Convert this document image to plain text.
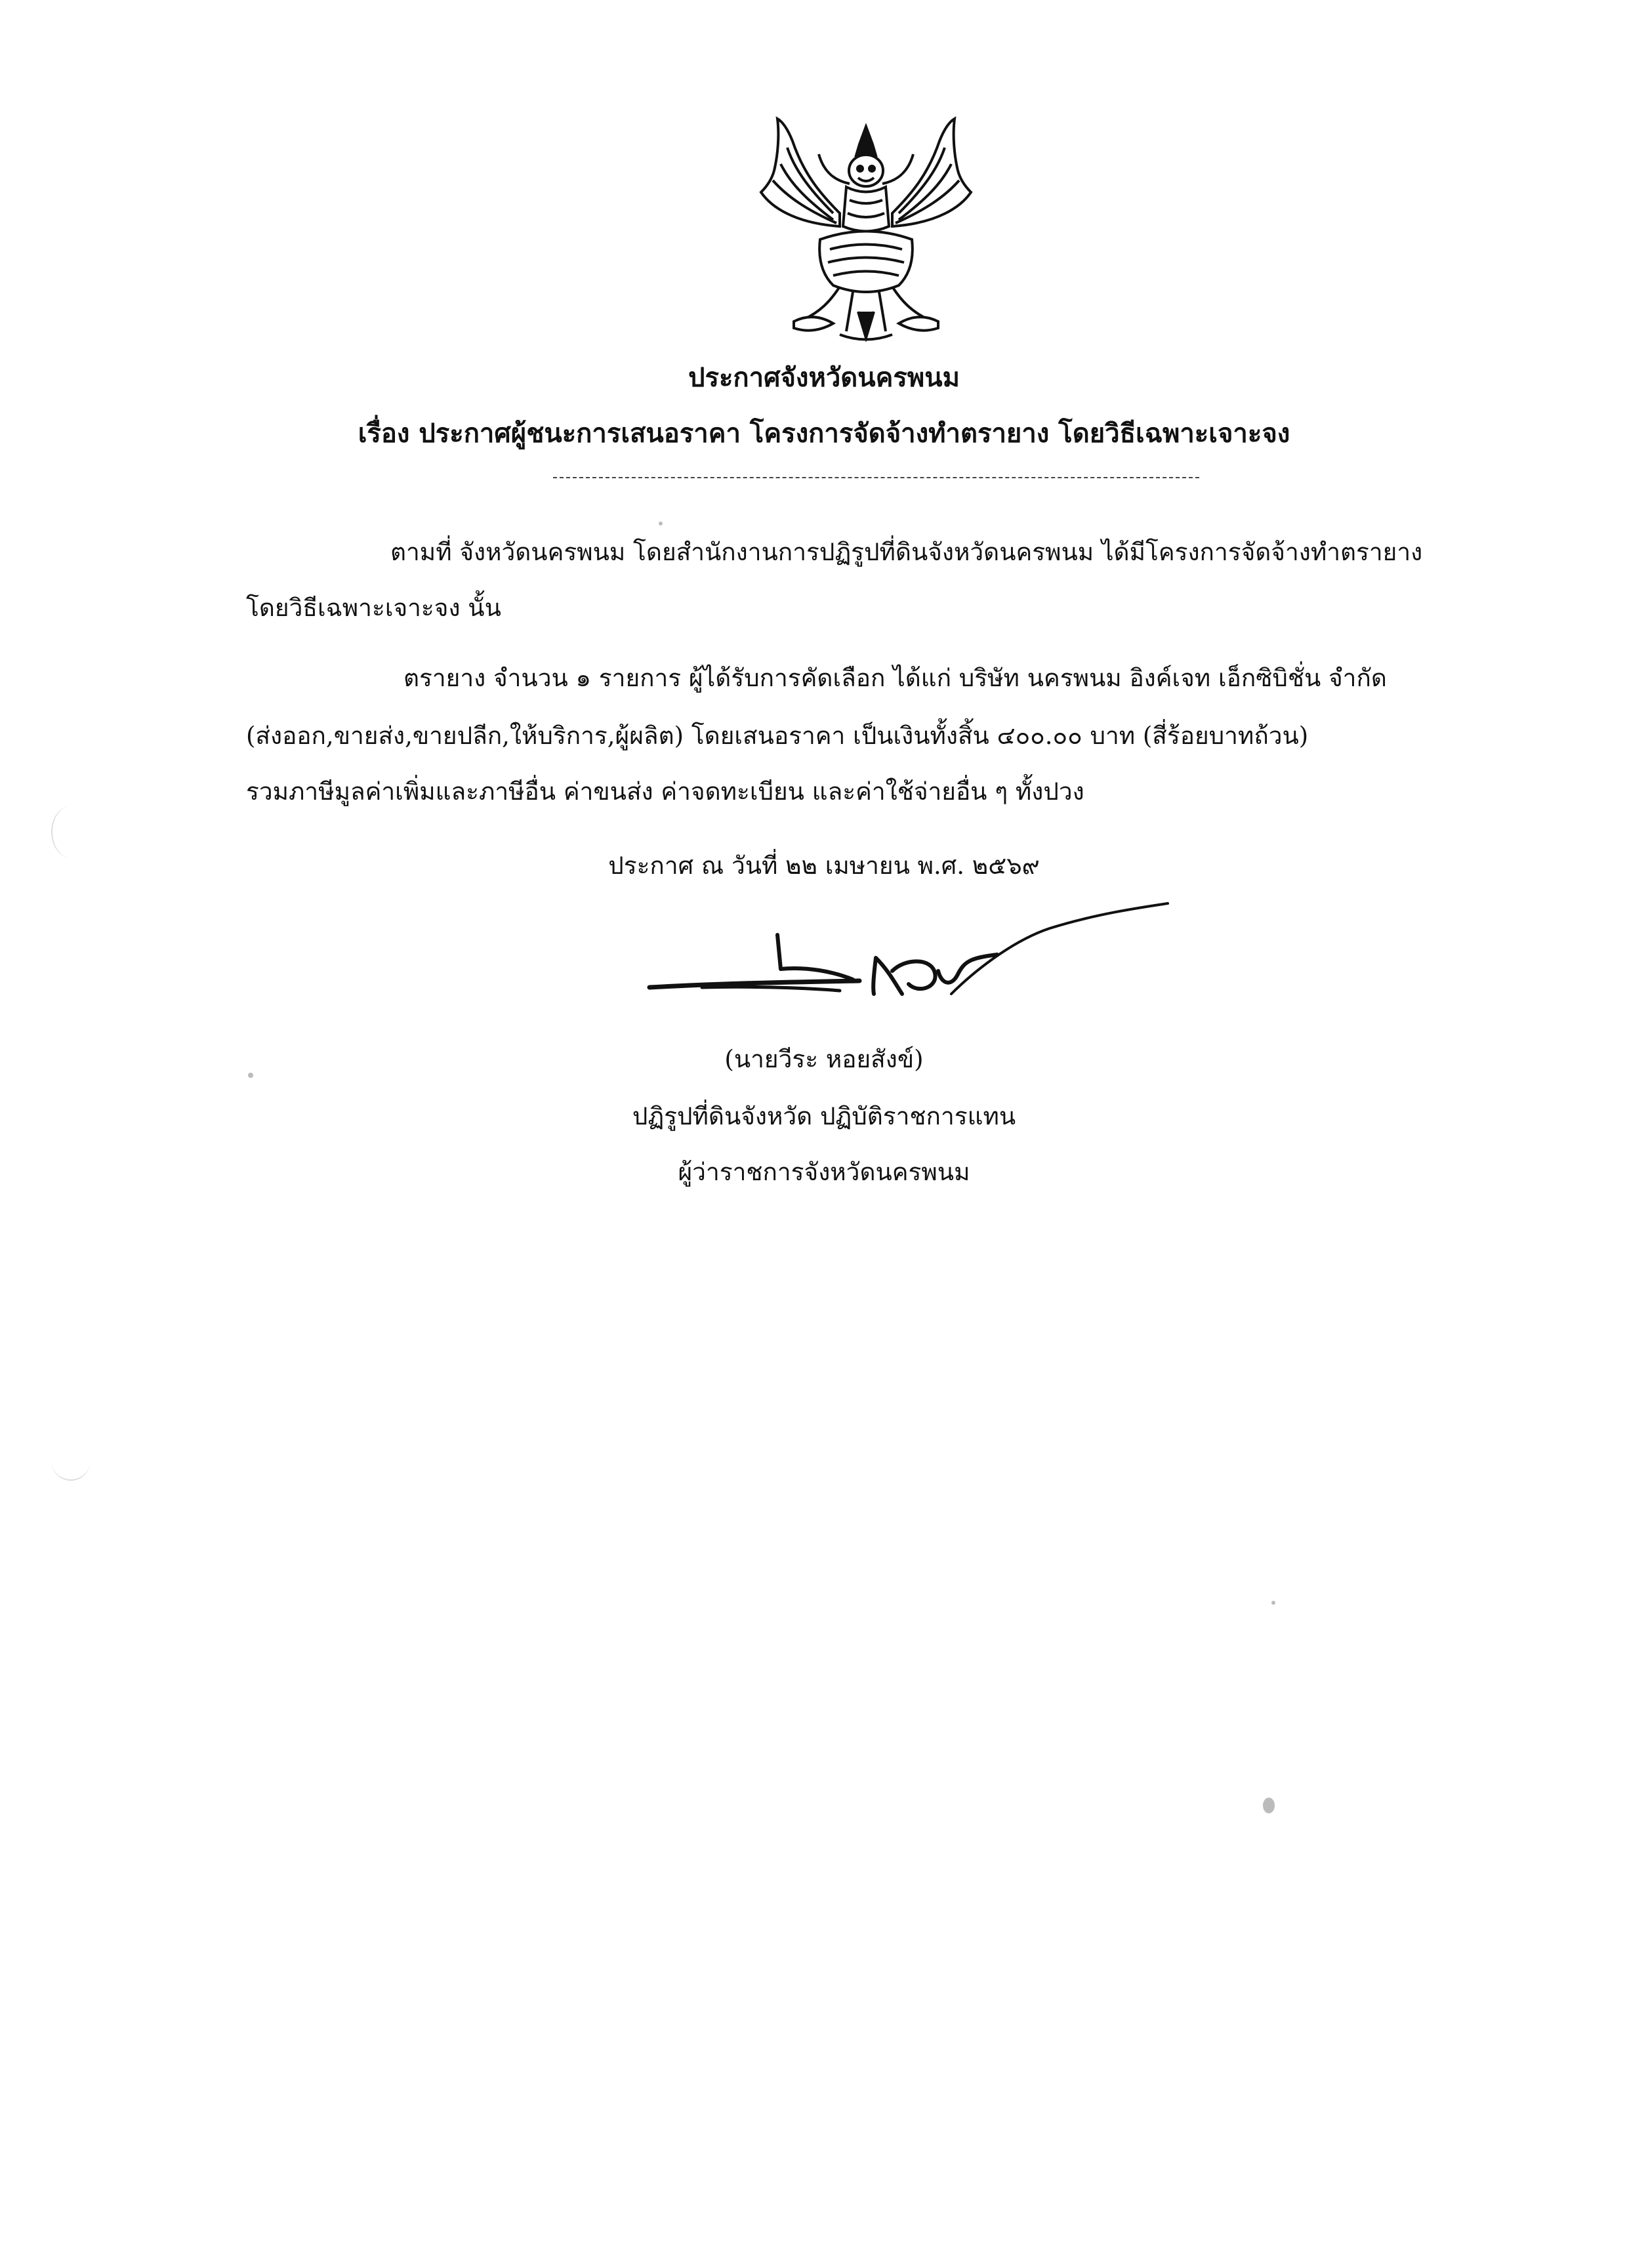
ประกาศจังหวัดนครพนม
เรื่อง ประกาศผู้ชนะการเสนอราคา โครงการจัดจ้างทำตรายาง โดยวิธีเฉพาะเจาะจง
ตามที่ จังหวัดนครพนม โดยสำนักงานการปฏิรูปที่ดินจังหวัดนครพนม ได้มีโครงการจัดจ้างทำตรายาง
โดยวิธีเฉพาะเจาะจง นั้น
ตรายาง จำนวน ๑ รายการ ผู้ได้รับการคัดเลือก ได้แก่ บริษัท นครพนม อิงค์เจท เอ็กซิบิชั่น จำกัด
(ส่งออก,ขายส่ง,ขายปลีก,ให้บริการ,ผู้ผลิต) โดยเสนอราคา เป็นเงินทั้งสิ้น ๔๐๐.๐๐ บาท (สี่ร้อยบาทถ้วน)
รวมภาษีมูลค่าเพิ่มและภาษีอื่น ค่าขนส่ง ค่าจดทะเบียน และค่าใช้จ่ายอื่น ๆ ทั้งปวง
ประกาศ ณ วันที่ ๒๒ เมษายน พ.ศ. ๒๕๖๙
(นายวีระ หอยสังข์)
ปฏิรูปที่ดินจังหวัด ปฏิบัติราชการแทน
ผู้ว่าราชการจังหวัดนครพนม
